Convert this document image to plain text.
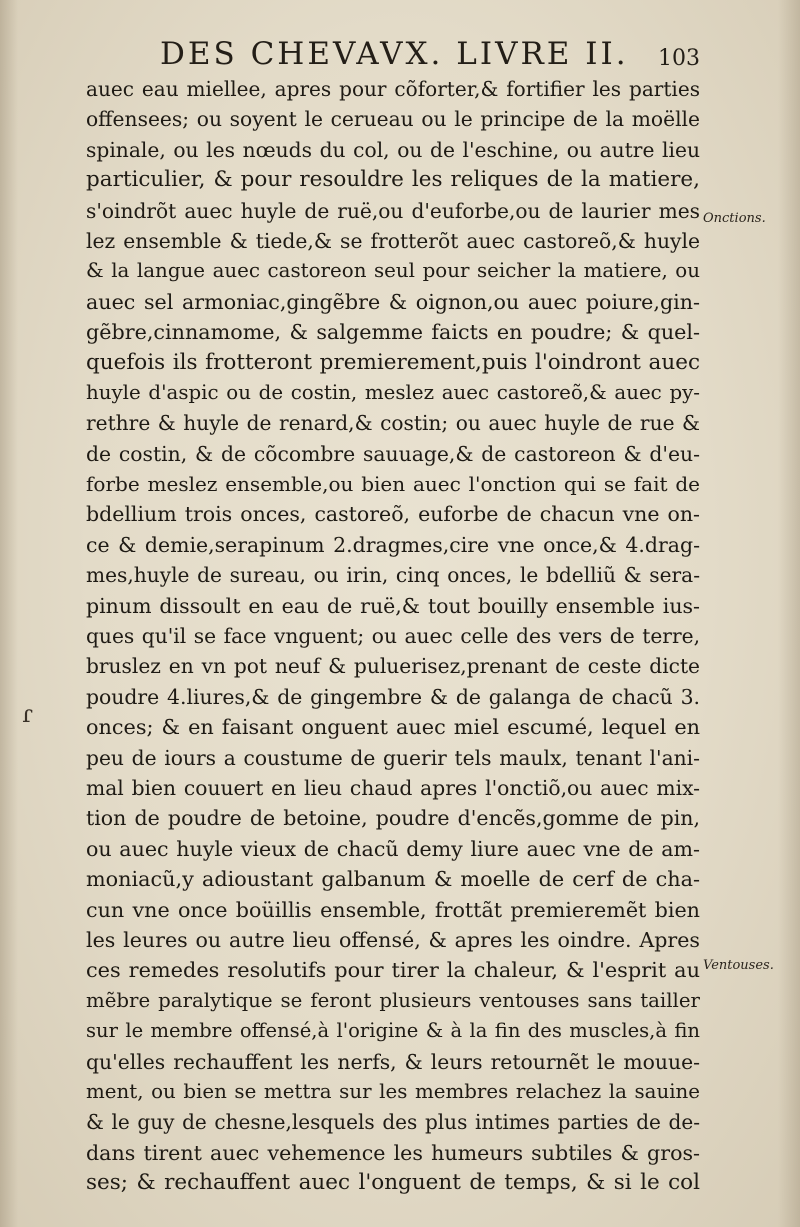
DES CHEVAVX. LIVRE II. 103
Onctions.
Ventouses.
ɾ
auec eau miellee, apres pour cõforter,& fortifier les parties
offensees; ou soyent le cerueau ou le principe de la moëlle
spinale, ou les nœuds du col, ou de l'eschine, ou autre lieu
particulier, & pour resouldre les reliques de la matiere,
s'oindrõt auec huyle de ruë,ou d'euforbe,ou de laurier mes
lez ensemble & tiede,& se frotterõt auec castoreõ,& huyle
& la langue auec castoreon seul pour seicher la matiere, ou
auec sel armoniac,gingẽbre & oignon,ou auec poiure,gin-
gẽbre,cinnamome, & salgemme faicts en poudre; & quel-
quefois ils frotteront premierement,puis l'oindront auec
huyle d'aspic ou de costin, meslez auec castoreõ,& auec py-
rethre & huyle de renard,& costin; ou auec huyle de rue &
de costin, & de cõcombre sauuage,& de castoreon & d'eu-
forbe meslez ensemble,ou bien auec l'onction qui se fait de
bdellium trois onces, castoreõ, euforbe de chacun vne on-
ce & demie,serapinum 2.dragmes,cire vne once,& 4.drag-
mes,huyle de sureau, ou irin, cinq onces, le bdelliũ & sera-
pinum dissoult en eau de ruë,& tout bouilly ensemble ius-
ques qu'il se face vnguent; ou auec celle des vers de terre,
bruslez en vn pot neuf & puluerisez,prenant de ceste dicte
poudre 4.liures,& de gingembre & de galanga de chacũ 3.
onces; & en faisant onguent auec miel escumé, lequel en
peu de iours a coustume de guerir tels maulx, tenant l'ani-
mal bien couuert en lieu chaud apres l'onctiõ,ou auec mix-
tion de poudre de betoine, poudre d'encẽs,gomme de pin,
ou auec huyle vieux de chacũ demy liure auec vne de am-
moniacũ,y adioustant galbanum & moelle de cerf de cha-
cun vne once boüillis ensemble, frottãt premieremẽt bien
les leures ou autre lieu offensé, & apres les oindre. Apres
ces remedes resolutifs pour tirer la chaleur, & l'esprit au
mẽbre paralytique se feront plusieurs ventouses sans tailler
sur le membre offensé,à l'origine & à la fin des muscles,à fin
qu'elles rechauffent les nerfs, & leurs retournẽt le mouue-
ment, ou bien se mettra sur les membres relachez la sauine
& le guy de chesne,lesquels des plus intimes parties de de-
dans tirent auec vehemence les humeurs subtiles & gros-
ses; & rechauffent auec l'onguent de temps, & si le col
